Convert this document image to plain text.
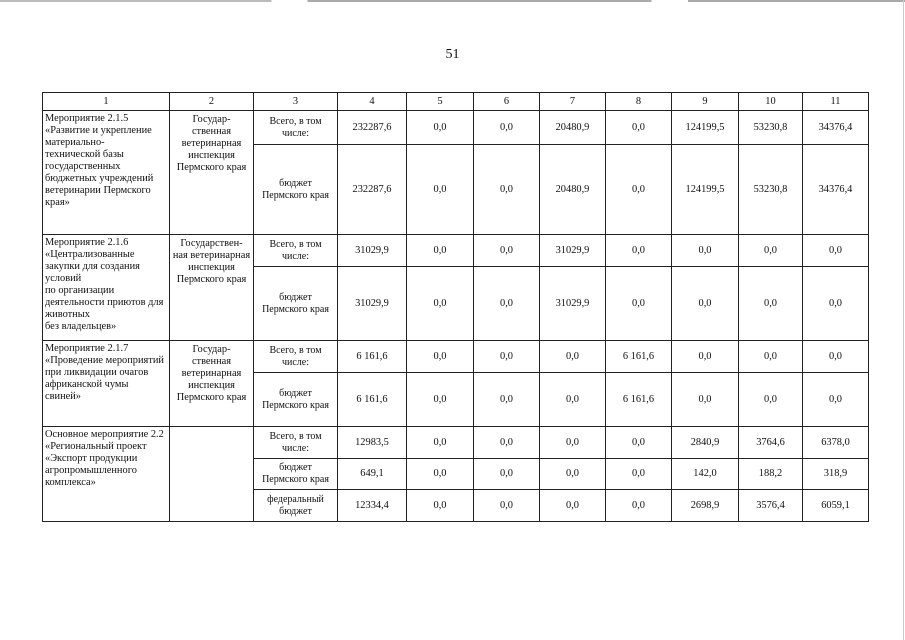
51
1	2	3	4	5	6	7	8	9	10	11
Мероприятие 2.1.5
«Развитие и укрепление материально-
технической базы государственных бюджетных учреждений ветеринарии Пермского края»	Государ-
ственная ветеринарная инспекция Пермского края	Всего, в том числе:	232287,6	0,0	0,0	20480,9	0,0	124199,5	53230,8	34376,4
		бюджет Пермского края	232287,6	0,0	0,0	20480,9	0,0	124199,5	53230,8	34376,4
Мероприятие 2.1.6
«Централизованные закупки для создания условий
по организации деятельности приютов для животных
без владельцев»	Государствен-
ная ветеринарная инспекция Пермского края	Всего, в том числе:	31029,9	0,0	0,0	31029,9	0,0	0,0	0,0	0,0
		бюджет Пермского края	31029,9	0,0	0,0	31029,9	0,0	0,0	0,0	0,0
Мероприятие 2.1.7
«Проведение мероприятий
при ликвидации очагов африканской чумы свиней»	Государ-
ственная ветеринарная инспекция Пермского края	Всего, в том числе:	6 161,6	0,0	0,0	0,0	6 161,6	0,0	0,0	0,0
		бюджет Пермского края	6 161,6	0,0	0,0	0,0	6 161,6	0,0	0,0	0,0
Основное мероприятие 2.2 «Региональный проект «Экспорт продукции агропромышленного комплекса»		Всего, в том числе:	12983,5	0,0	0,0	0,0	0,0	2840,9	3764,6	6378,0
		бюджет Пермского края	649,1	0,0	0,0	0,0	0,0	142,0	188,2	318,9
		федеральный бюджет	12334,4	0,0	0,0	0,0	0,0	2698,9	3576,4	6059,1
